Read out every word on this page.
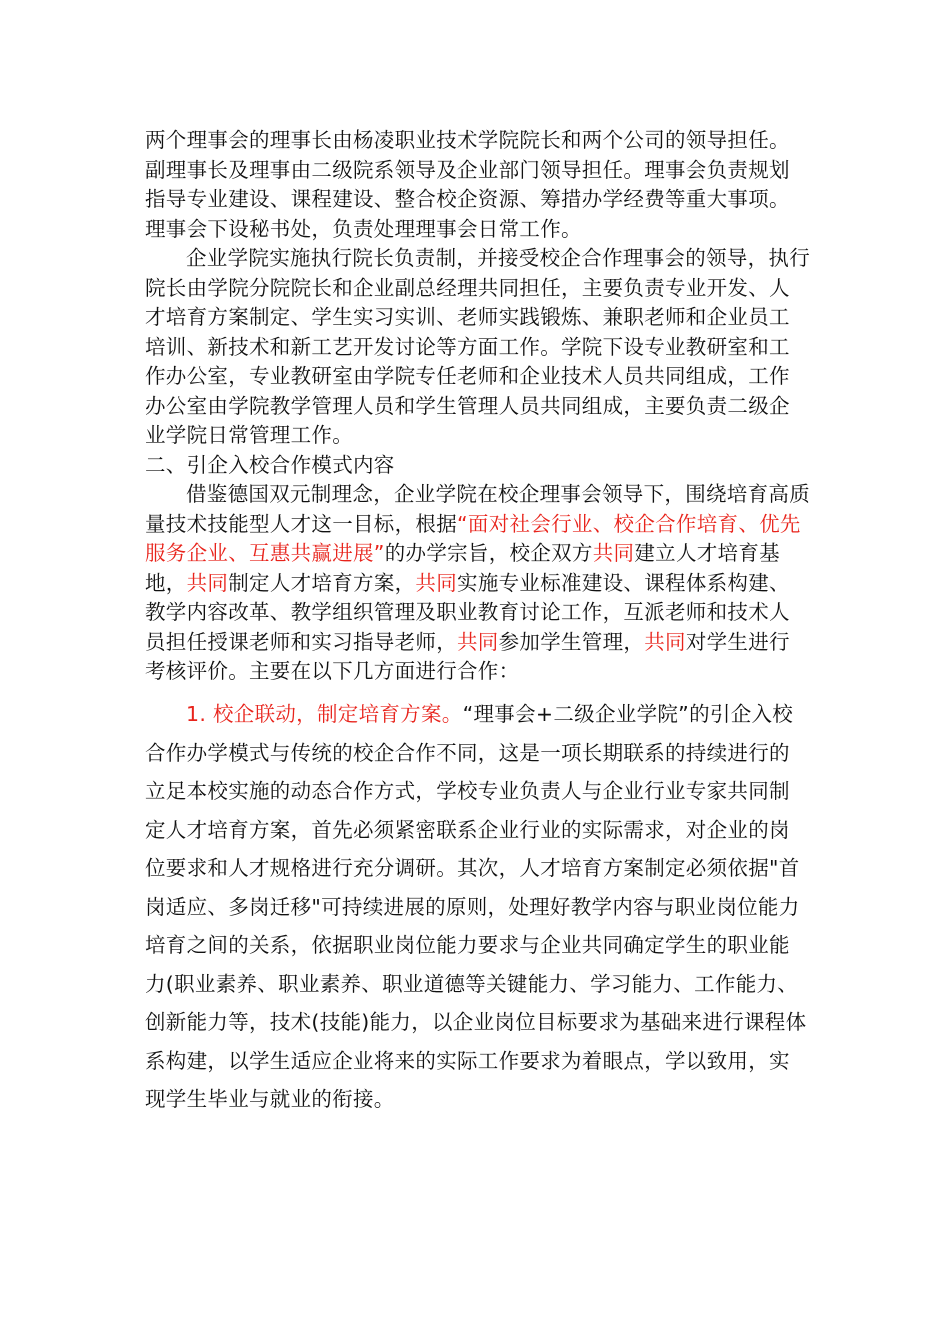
两个理事会的理事长由杨凌职业技术学院院长和两个公司的领导担任。副理事长及理事由二级院系领导及企业部门领导担任。理事会负责规划指导专业建设、课程建设、整合校企资源、筹措办学经费等重大事项。理事会下设秘书处，负责处理理事会日常工作。

企业学院实施执行院长负责制，并接受校企合作理事会的领导，执行院长由学院分院院长和企业副总经理共同担任，主要负责专业开发、人才培育方案制定、学生实习实训、老师实践锻炼、兼职老师和企业员工培训、新技术和新工艺开发讨论等方面工作。学院下设专业教研室和工作办公室，专业教研室由学院专任老师和企业技术人员共同组成，工作办公室由学院教学管理人员和学生管理人员共同组成，主要负责二级企业学院日常管理工作。

二、引企入校合作模式内容

借鉴德国双元制理念，企业学院在校企理事会领导下，围绕培育高质量技术技能型人才这一目标，根据“面对社会行业、校企合作培育、优先服务企业、互惠共赢进展”的办学宗旨，校企双方共同建立人才培育基地，共同制定人才培育方案，共同实施专业标准建设、课程体系构建、教学内容改革、教学组织管理及职业教育讨论工作，互派老师和技术人员担任授课老师和实习指导老师，共同参加学生管理，共同对学生进行考核评价。主要在以下几方面进行合作：

1. 校企联动，制定培育方案。“理事会+二级企业学院”的引企入校合作办学模式与传统的校企合作不同，这是一项长期联系的持续进行的立足本校实施的动态合作方式，学校专业负责人与企业行业专家共同制定人才培育方案，首先必须紧密联系企业行业的实际需求，对企业的岗位要求和人才规格进行充分调研。其次，人才培育方案制定必须依据"首岗适应、多岗迁移"可持续进展的原则，处理好教学内容与职业岗位能力培育之间的关系，依据职业岗位能力要求与企业共同确定学生的职业能力(职业素养、职业素养、职业道德等关键能力、学习能力、工作能力、创新能力等，技术(技能)能力，以企业岗位目标要求为基础来进行课程体系构建，以学生适应企业将来的实际工作要求为着眼点，学以致用，实现学生毕业与就业的衔接。
